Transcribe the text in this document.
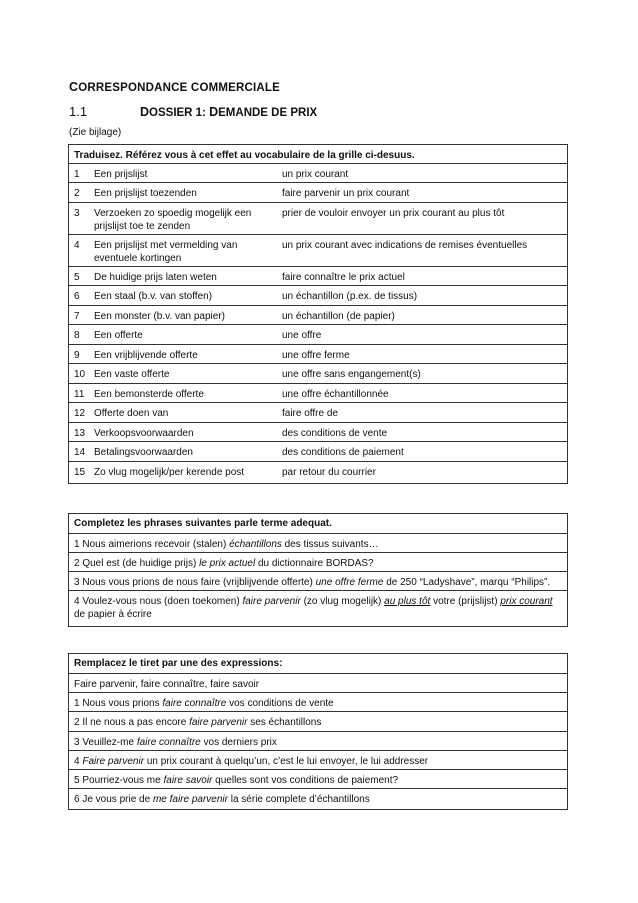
CORRESPONDANCE COMMERCIALE
1.1	DOSSIER 1: DEMANDE DE PRIX
(Zie bijlage)
Traduisez. Référez vous à cet effet au vocabulaire de la grille ci-desuus.		
1	Een prijslijst	un prix courant
2	Een prijslijst toezenden	faire parvenir un prix courant
3	Verzoeken zo spoedig mogelijk een prijslijst toe te zenden	prier de vouloir envoyer un prix courant au plus tôt
4	Een prijslijst met vermelding van eventuele kortingen	un prix courant avec indications de remises éventuelles
5	De huidige prijs laten weten	faire connaître le prix actuel
6	Een staal (b.v. van stoffen)	un échantillon (p.ex. de tissus)
7	Een monster (b.v. van papier)	un échantillon (de papier)
8	Een offerte	une offre
9	Een vrijblijvende offerte	une offre ferme
10	Een vaste offerte	une offre sans engangement(s)
11	Een bemonsterde offerte	une offre échantillonnée
12	Offerte doen van	faire offre de
13	Verkoopsvoorwaarden	des conditions de vente
14	Betalingsvoorwaarden	des conditions de paiement
15	Zo vlug mogelijk/per kerende post	par retour du courrier
Completez les phrases suivantes parle terme adequat.
1 Nous aimerions recevoir (stalen) échantillons des tissus suivants…
2 Quel est (de huidige prijs) le prix actuel du dictionnaire BORDAS?
3 Nous vous prions de nous faire (vrijblijvende offerte) une offre ferme de 250 “Ladyshave”, marqu “Philips”.
4 Voulez-vous nous (doen toekomen) faire parvenir (zo vlug mogelijk) au plus tôt votre (prijslijst) prix courant de papier à écrire
Remplacez le tiret par une des expressions:
Faire parvenir, faire connaître, faire savoir
1 Nous vous prions faire connaître vos conditions de vente
2 Il ne nous a pas encore faire parvenir ses échantillons
3 Veuillez-me faire connaître vos derniers prix
4 Faire parvenir un prix courant à quelqu’un, c’est le lui envoyer, le lui addresser
5 Pourriez-vous me faire savoir quelles sont vos conditions de paiement?
6 Je vous prie de me faire parvenir la série complete d’échantillons
